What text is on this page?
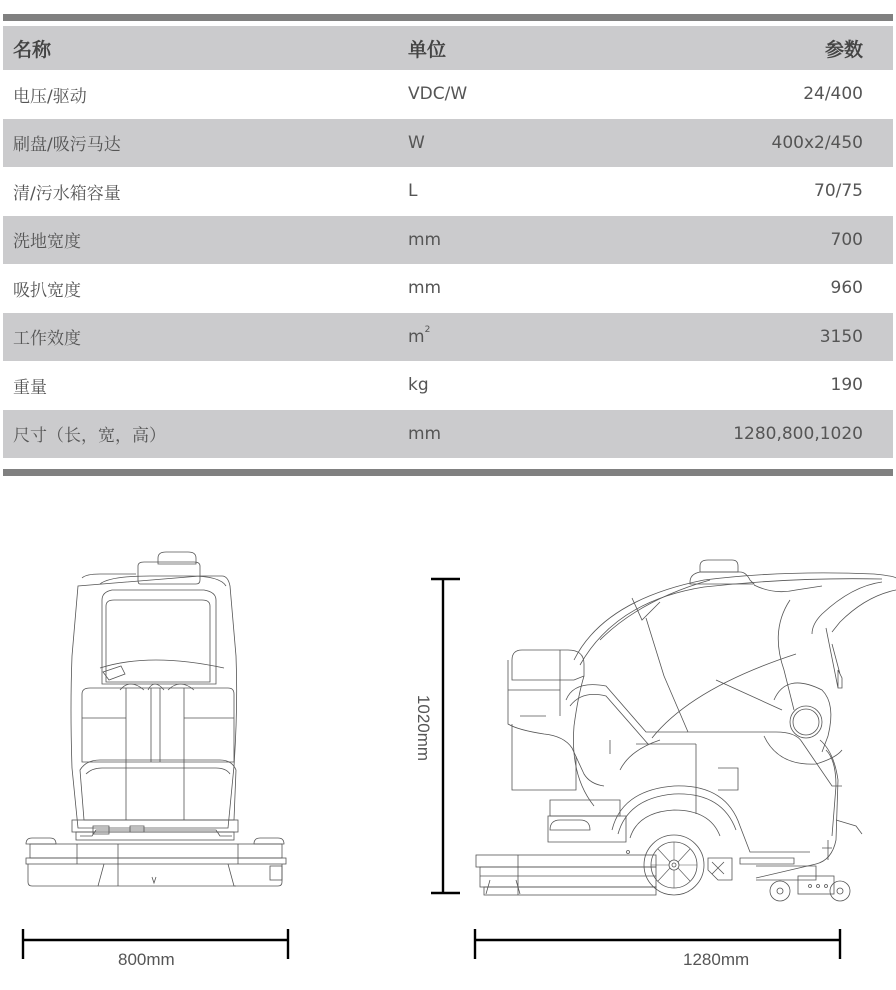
名称	单位	参数
电压/驱动	VDC/W	24/400
刷盘/吸污马达	W	400x2/450
清/污水箱容量	L	70/75
洗地宽度	mm	700
吸扒宽度	mm	960
工作效度	$m^2$	3150
重量	kg	190
尺寸（长，宽，高）	mm	1280,800,1020
800mm	1280mm
1020mm
